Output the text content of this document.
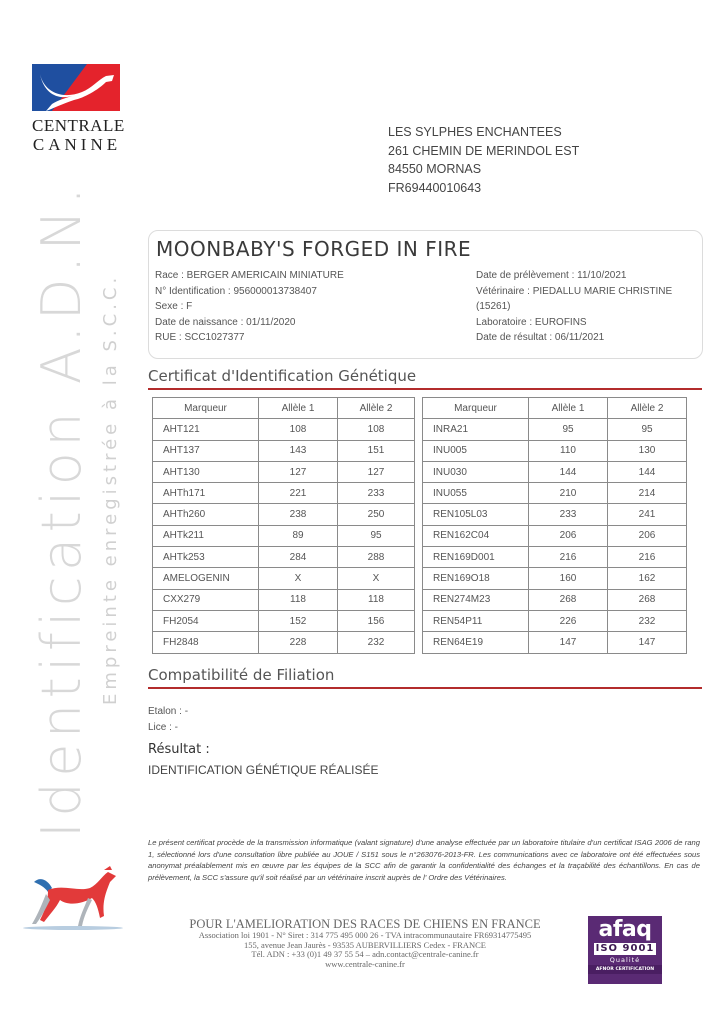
CENTRALE
CANINE
Identification A.D.N. Empreinte enregistrée à la S.C.C.
LES SYLPHES ENCHANTEES
261 CHEMIN DE MERINDOL EST
84550 MORNAS
FR69440010643
MOONBABY'S FORGED IN FIRE
Race : BERGER AMERICAIN MINIATURE
N° Identification : 956000013738407
Sexe : F
Date de naissance : 01/11/2020
RUE : SCC1027377
Date de prélèvement : 11/10/2021
Vétérinaire : PIEDALLU MARIE CHRISTINE
(15261)
Laboratoire : EUROFINS
Date de résultat : 06/11/2021
Certificat d'Identification Génétique
Marqueur	Allèle 1	Allèle 2
AHT121	108	108
AHT137	143	151
AHT130	127	127
AHTh171	221	233
AHTh260	238	250
AHTk211	89	95
AHTk253	284	288
AMELOGENIN	X	X
CXX279	118	118
FH2054	152	156
FH2848	228	232
Marqueur	Allèle 1	Allèle 2
INRA21	95	95
INU005	110	130
INU030	144	144
INU055	210	214
REN105L03	233	241
REN162C04	206	206
REN169D001	216	216
REN169O18	160	162
REN274M23	268	268
REN54P11	226	232
REN64E19	147	147
Compatibilité de Filiation
Etalon : -
Lice : -
Résultat :
IDENTIFICATION GÉNÉTIQUE RÉALISÉE
Le présent certificat procède de la transmission informatique (valant signature) d'une analyse effectuée par un laboratoire titulaire d'un certificat ISAG 2006 de rang 1, sélectionné lors d'une consultation libre publiée au JOUE / S151 sous le n°263076-2013-FR. Les communications avec ce laboratoire ont été effectuées sous anonymat préalablement mis en œuvre par les équipes de la SCC afin de garantir la confidentialité des échanges et la traçabilité des échantillons. En cas de prélèvement, la SCC s'assure qu'il soit réalisé par un vétérinaire inscrit auprès de l' Ordre des Vétérinaires.
POUR L'AMELIORATION DES RACES DE CHIENS EN FRANCE
Association loi 1901 - N° Siret : 314 775 495 000 26 - TVA intracommunautaire FR69314775495
155, avenue Jean Jaurès - 93535 AUBERVILLIERS Cedex - FRANCE
Tél. ADN : +33 (0)1 49 37 55 54 – adn.contact@centrale-canine.fr
www.centrale-canine.fr
afaq
ISO 9001
Qualité
AFNOR CERTIFICATION
